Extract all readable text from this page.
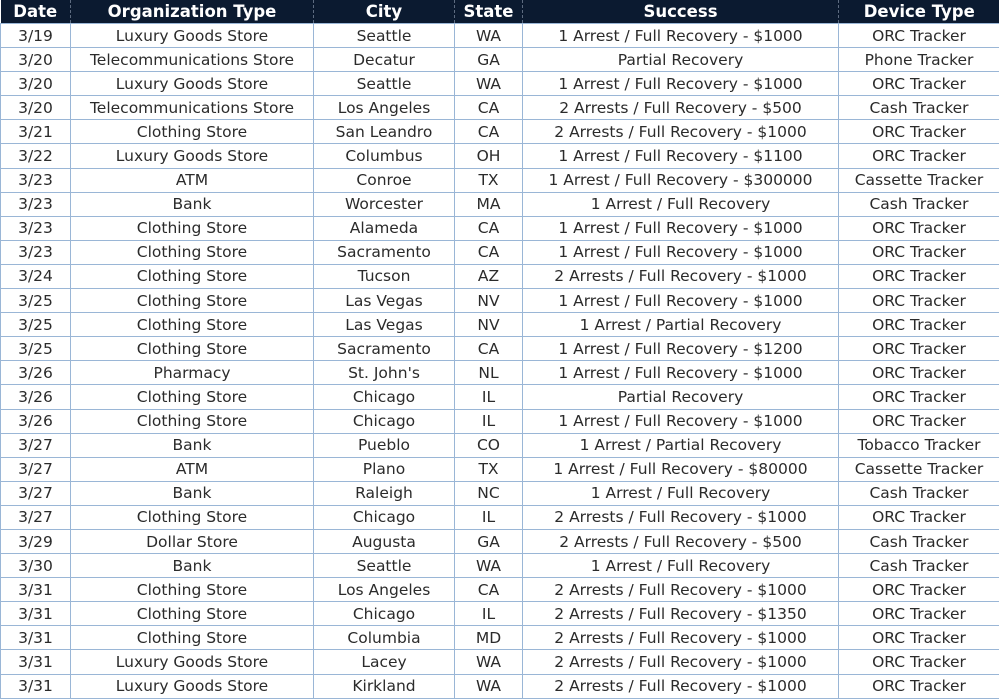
Date	Organization Type	City	State	Success	Device Type
3/19	Luxury Goods Store	Seattle	WA	1 Arrest / Full Recovery - $1000	ORC Tracker
3/20	Telecommunications Store	Decatur	GA	Partial Recovery	Phone Tracker
3/20	Luxury Goods Store	Seattle	WA	1 Arrest / Full Recovery - $1000	ORC Tracker
3/20	Telecommunications Store	Los Angeles	CA	2 Arrests / Full Recovery - $500	Cash Tracker
3/21	Clothing Store	San Leandro	CA	2 Arrests / Full Recovery - $1000	ORC Tracker
3/22	Luxury Goods Store	Columbus	OH	1 Arrest / Full Recovery - $1100	ORC Tracker
3/23	ATM	Conroe	TX	1 Arrest / Full Recovery - $300000	Cassette Tracker
3/23	Bank	Worcester	MA	1 Arrest / Full Recovery	Cash Tracker
3/23	Clothing Store	Alameda	CA	1 Arrest / Full Recovery - $1000	ORC Tracker
3/23	Clothing Store	Sacramento	CA	1 Arrest / Full Recovery - $1000	ORC Tracker
3/24	Clothing Store	Tucson	AZ	2 Arrests / Full Recovery - $1000	ORC Tracker
3/25	Clothing Store	Las Vegas	NV	1 Arrest / Full Recovery - $1000	ORC Tracker
3/25	Clothing Store	Las Vegas	NV	1 Arrest / Partial Recovery	ORC Tracker
3/25	Clothing Store	Sacramento	CA	1 Arrest / Full Recovery - $1200	ORC Tracker
3/26	Pharmacy	St. John's	NL	1 Arrest / Full Recovery - $1000	ORC Tracker
3/26	Clothing Store	Chicago	IL	Partial Recovery	ORC Tracker
3/26	Clothing Store	Chicago	IL	1 Arrest / Full Recovery - $1000	ORC Tracker
3/27	Bank	Pueblo	CO	1 Arrest / Partial Recovery	Tobacco Tracker
3/27	ATM	Plano	TX	1 Arrest / Full Recovery - $80000	Cassette Tracker
3/27	Bank	Raleigh	NC	1 Arrest / Full Recovery	Cash Tracker
3/27	Clothing Store	Chicago	IL	2 Arrests / Full Recovery - $1000	ORC Tracker
3/29	Dollar Store	Augusta	GA	2 Arrests / Full Recovery - $500	Cash Tracker
3/30	Bank	Seattle	WA	1 Arrest / Full Recovery	Cash Tracker
3/31	Clothing Store	Los Angeles	CA	2 Arrests / Full Recovery - $1000	ORC Tracker
3/31	Clothing Store	Chicago	IL	2 Arrests / Full Recovery - $1350	ORC Tracker
3/31	Clothing Store	Columbia	MD	2 Arrests / Full Recovery - $1000	ORC Tracker
3/31	Luxury Goods Store	Lacey	WA	2 Arrests / Full Recovery - $1000	ORC Tracker
3/31	Luxury Goods Store	Kirkland	WA	2 Arrests / Full Recovery - $1000	ORC Tracker
